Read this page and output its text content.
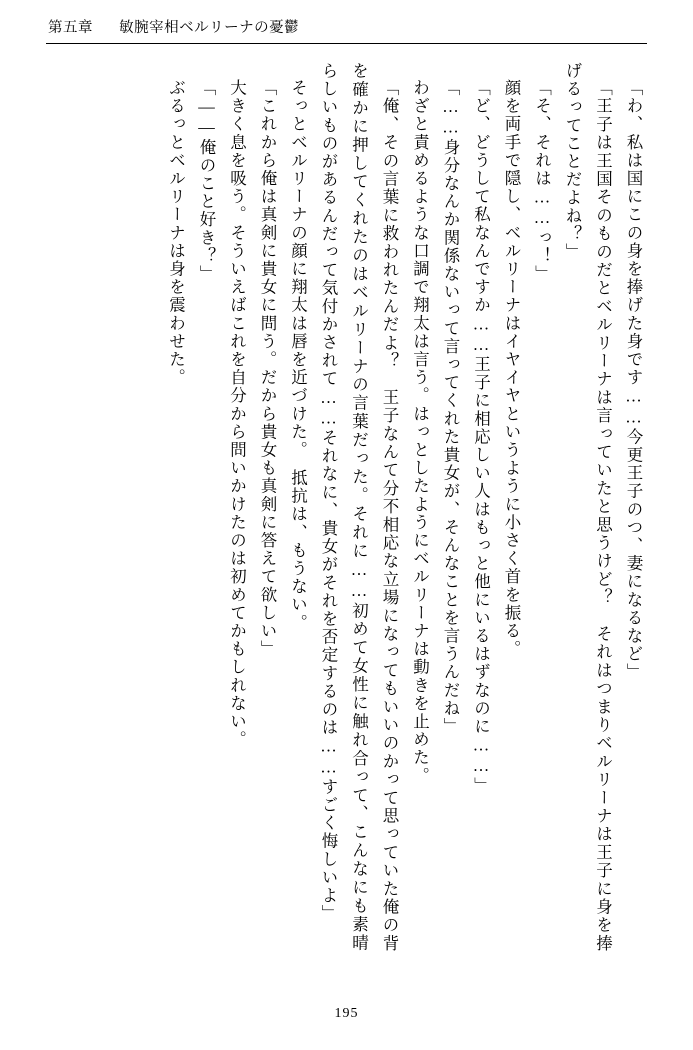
第五章 敏腕宰相ベルリーナの憂鬱

「わ、私は国にこの身を捧げた身です……今更王子のつ、妻になるなど」

「王子は王国そのものだとベルリーナは言っていたと思うけど？　それはつまりベルリーナは王子に身を捧げるってことだよね？」

「そ、それは……っ！」

顔を両手で隠し、ベルリーナはイヤイヤというように小さく首を振る。

「ど、どうして私なんですか……王子に相応しい人はもっと他にいるはずなのに……」

「……身分なんか関係ないって言ってくれた貴女が、そんなことを言うんだね」

わざと責めるような口調で翔太は言う。はっとしたようにベルリーナは動きを止めた。

「俺、その言葉に救われたんだよ？　王子なんて分不相応な立場になってもいいのかって思っていた俺の背を確かに押してくれたのはベルリーナの言葉だった。それに……初めて女性に触れ合って、こんなにも素晴らしいものがあるんだって気付かされて……それなに、貴女がそれを否定するのは……すごく悔しいよ」

そっとベルリーナの顔に翔太は唇を近づけた。　抵抗は、もうない。

「これから俺は真剣に貴女に問う。だから貴女も真剣に答えて欲しい」

大きく息を吸う。そういえばこれを自分から問いかけたのは初めてかもしれない。

「――俺のこと好き？」

ぶるっとベルリーナは身を震わせた。

195
